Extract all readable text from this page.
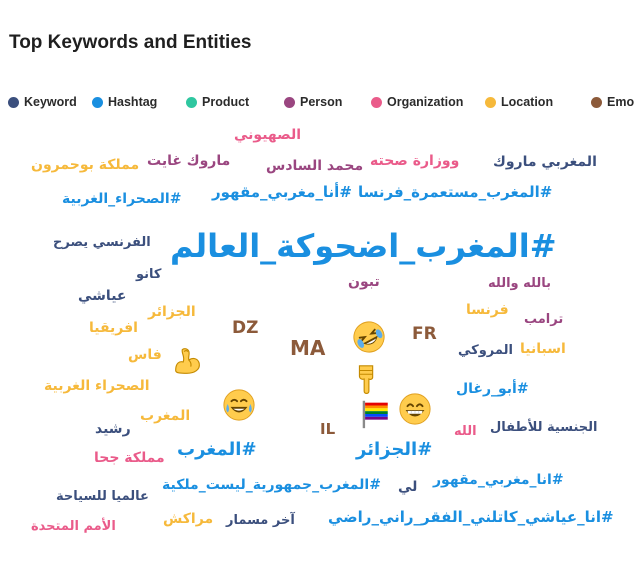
Top Keywords and Entities
Keyword Hashtag	Product	Person	Organization	Location	Emo
الصهيوني
مملكة بوحمرون ماروك غايت	محمد السادس ووزارة صحته المغربي ماروك
#الصحراء_الغربية #أنا_مغربي_مقهور #المغرب_مستعمرة_فرنسا
الفرنسي يصرح #المغرب_اضحوكة_العالم
كانو	تبون	بالله والله
عياشي
الجزائر	فرنسا
ترامب
افريقيا	DZ	FR
MA
فاس	المروكي اسبانيا
الصحراء الغربية	#أبو_رغال
المغرب
رشيد	IL	الله الجنسية للأطفال
#المغرب	#الجزائر
مملكة جحا
#المغرب_جمهورية_ليست_ملكية لي #انا_مغربي_مقهور
عالميا للسياحة
الأمم المتحدة	مراكش آخر مسمار #انا_عياشي_كاتلني_الفقر_راني_راضي
